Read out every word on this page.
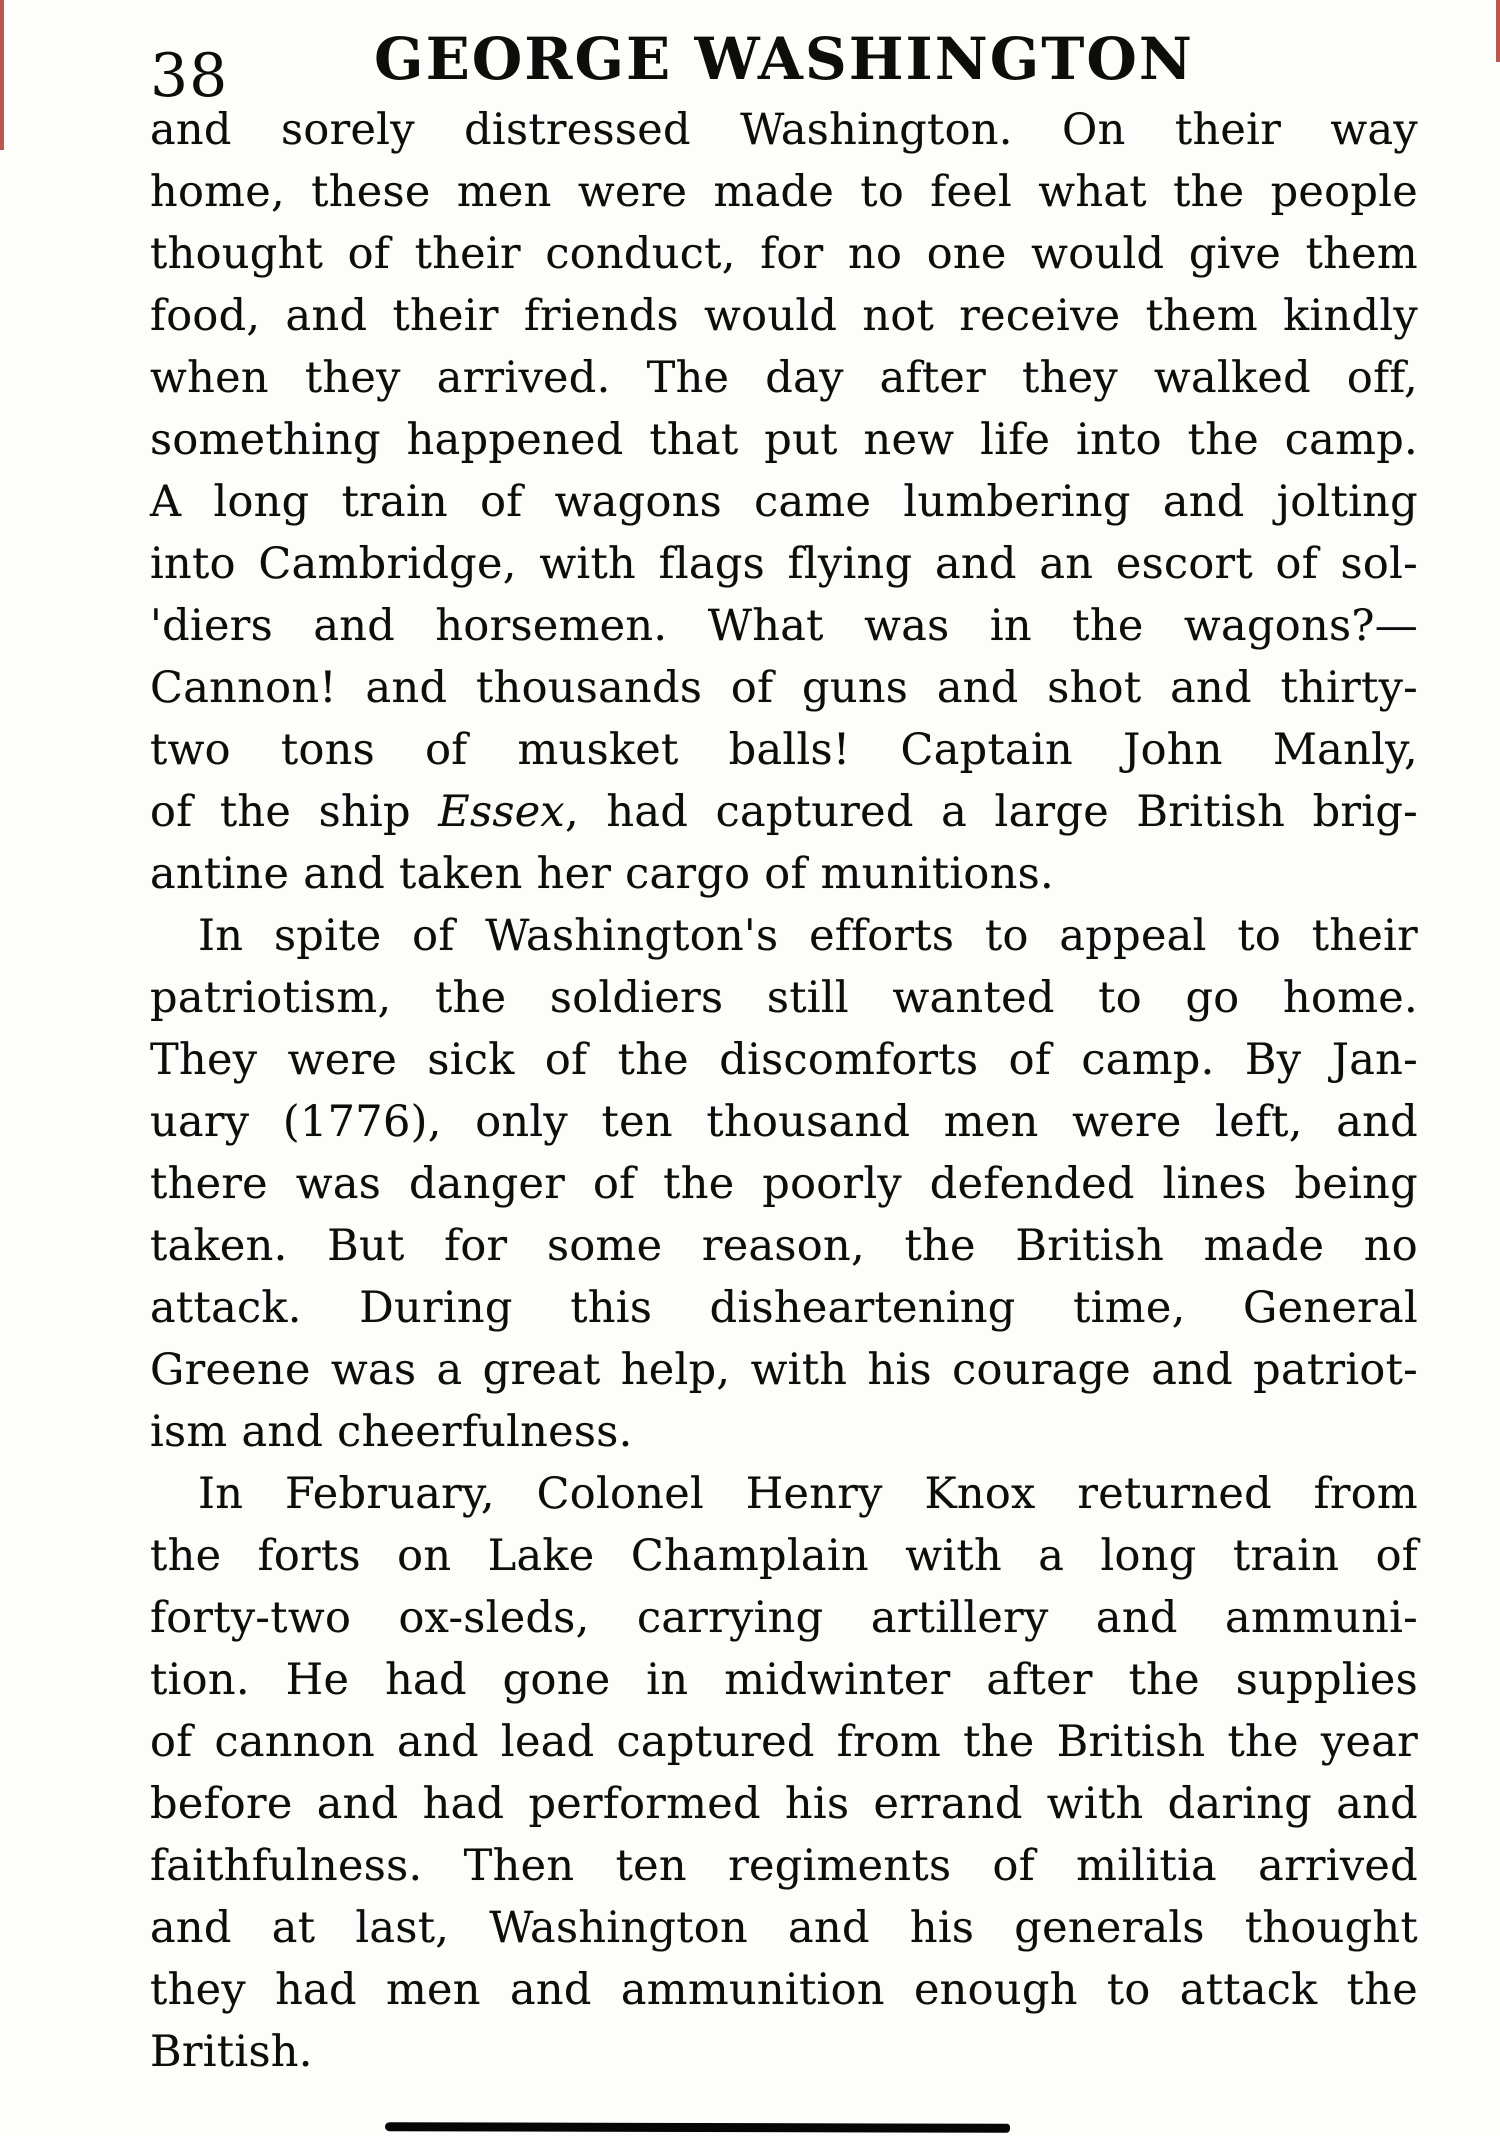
38	GEORGE WASHINGTON
and sorely distressed Washington. On their way
home, these men were made to feel what the people
thought of their conduct, for no one would give them
food, and their friends would not receive them kindly
when they arrived. The day after they walked off,
something happened that put new life into the camp.
A long train of wagons came lumbering and jolting
into Cambridge, with flags flying and an escort of sol-
'diers and horsemen. What was in the wagons?—
Cannon! and thousands of guns and shot and thirty-
two tons of musket balls! Captain John Manly,
of the ship Essex, had captured a large British brig-
antine and taken her cargo of munitions.
In spite of Washington's efforts to appeal to their
patriotism, the soldiers still wanted to go home.
They were sick of the discomforts of camp. By Jan-
uary (1776), only ten thousand men were left, and
there was danger of the poorly defended lines being
taken. But for some reason, the British made no
attack. During this disheartening time, General
Greene was a great help, with his courage and patriot-
ism and cheerfulness.
In February, Colonel Henry Knox returned from
the forts on Lake Champlain with a long train of
forty-two ox-sleds, carrying artillery and ammuni-
tion. He had gone in midwinter after the supplies
of cannon and lead captured from the British the year
before and had performed his errand with daring and
faithfulness. Then ten regiments of militia arrived
and at last, Washington and his generals thought
they had men and ammunition enough to attack the
British.
